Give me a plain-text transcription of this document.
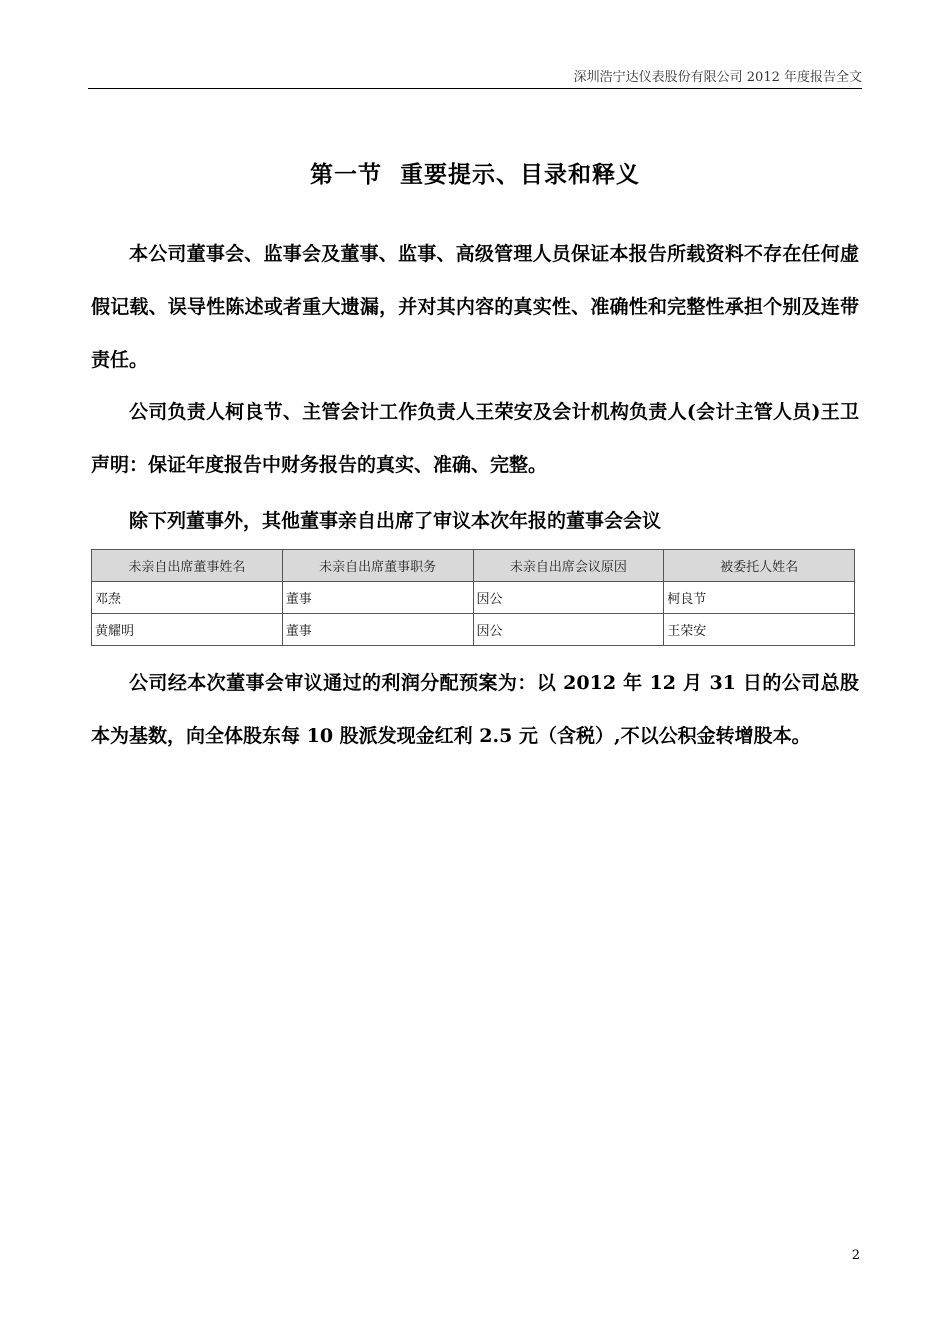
深圳浩宁达仪表股份有限公司 2012 年度报告全文
第一节  重要提示、目录和释义

本公司董事会、监事会及董事、监事、高级管理人员保证本报告所载资料不存在任何虚假记载、误导性陈述或者重大遗漏，并对其内容的真实性、准确性和完整性承担个别及连带责任。

公司负责人柯良节、主管会计工作负责人王荣安及会计机构负责人(会计主管人员)王卫声明：保证年度报告中财务报告的真实、准确、完整。

除下列董事外，其他董事亲自出席了审议本次年报的董事会会议

未亲自出席董事姓名	未亲自出席董事职务	未亲自出席会议原因	被委托人姓名
邓焘	董事	因公	柯良节
黄耀明	董事	因公	王荣安

公司经本次董事会审议通过的利润分配预案为：以 2012 年 12 月 31 日的公司总股本为基数，向全体股东每 10 股派发现金红利 2.5 元（含税）,不以公积金转增股本。

2
